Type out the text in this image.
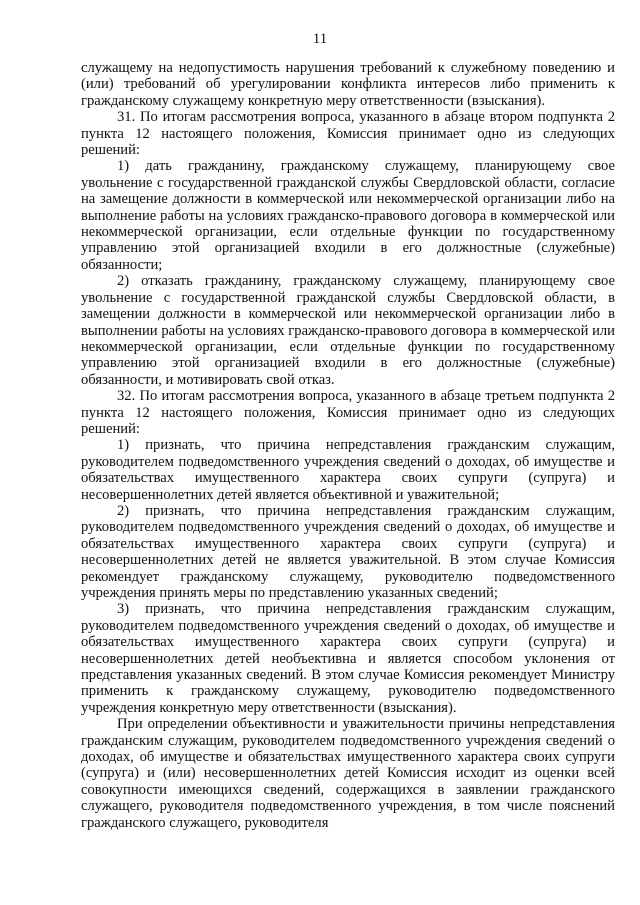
11

служащему на недопустимость нарушения требований к служебному поведению и (или) требований об урегулировании конфликта интересов либо применить к гражданскому служащему конкретную меру ответственности (взыскания).

31. По итогам рассмотрения вопроса, указанного в абзаце втором подпункта 2 пункта 12 настоящего положения, Комиссия принимает одно из следующих решений:

1) дать гражданину, гражданскому служащему, планирующему свое увольнение с государственной гражданской службы Свердловской области, согласие на замещение должности в коммерческой или некоммерческой организации либо на выполнение работы на условиях гражданско-правового договора в коммерческой или некоммерческой организации, если отдельные функции по государственному управлению этой организацией входили в его должностные (служебные) обязанности;

2) отказать гражданину, гражданскому служащему, планирующему свое увольнение с государственной гражданской службы Свердловской области, в замещении должности в коммерческой или некоммерческой организации либо в выполнении работы на условиях гражданско-правового договора в коммерческой или некоммерческой организации, если отдельные функции по государственному управлению этой организацией входили в его должностные (служебные) обязанности, и мотивировать свой отказ.

32. По итогам рассмотрения вопроса, указанного в абзаце третьем подпункта 2 пункта 12 настоящего положения, Комиссия принимает одно из следующих решений:

1) признать, что причина непредставления гражданским служащим, руководителем подведомственного учреждения сведений о доходах, об имуществе и обязательствах имущественного характера своих супруги (супруга) и несовершеннолетних детей является объективной и уважительной;

2) признать, что причина непредставления гражданским служащим, руководителем подведомственного учреждения сведений о доходах, об имуществе и обязательствах имущественного характера своих супруги (супруга) и несовершеннолетних детей не является уважительной. В этом случае Комиссия рекомендует гражданскому служащему, руководителю подведомственного учреждения принять меры по представлению указанных сведений;

3) признать, что причина непредставления гражданским служащим, руководителем подведомственного учреждения сведений о доходах, об имуществе и обязательствах имущественного характера своих супруги (супруга) и несовершеннолетних детей необъективна и является способом уклонения от представления указанных сведений. В этом случае Комиссия рекомендует Министру применить к гражданскому служащему, руководителю подведомственного учреждения конкретную меру ответственности (взыскания).

При определении объективности и уважительности причины непредставления гражданским служащим, руководителем подведомственного учреждения сведений о доходах, об имуществе и обязательствах имущественного характера своих супруги (супруга) и (или) несовершеннолетних детей Комиссия исходит из оценки всей совокупности имеющихся сведений, содержащихся в заявлении гражданского служащего, руководителя подведомственного учреждения, в том числе пояснений гражданского служащего, руководителя
